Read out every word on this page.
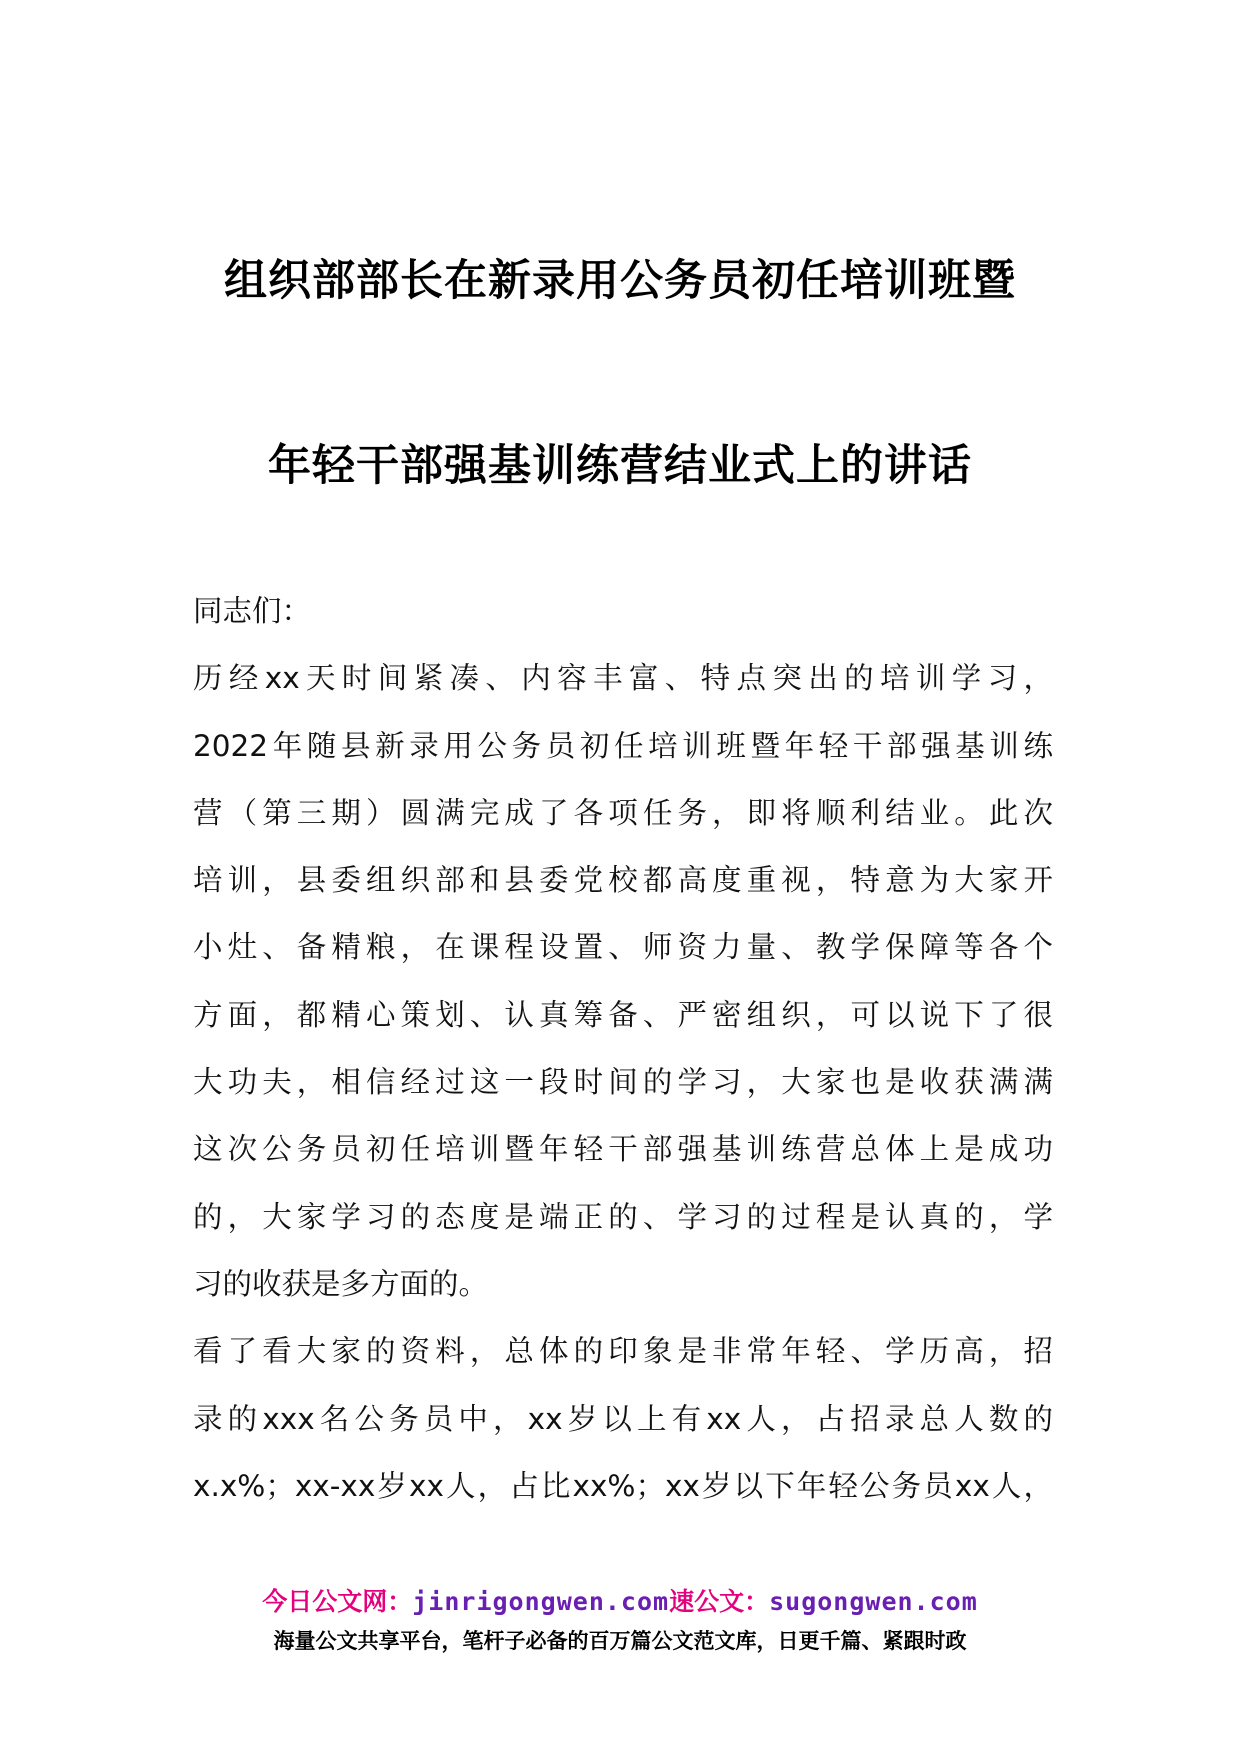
组织部部长在新录用公务员初任培训班暨
年轻干部强基训练营结业式上的讲话
同志们：
历经xx天时间紧凑、内容丰富、特点突出的培训学习，
2022年随县新录用公务员初任培训班暨年轻干部强基训练
营（第三期）圆满完成了各项任务，即将顺利结业。此次
培训，县委组织部和县委党校都高度重视，特意为大家开
小灶、备精粮，在课程设置、师资力量、教学保障等各个
方面，都精心策划、认真筹备、严密组织，可以说下了很
大功夫，相信经过这一段时间的学习，大家也是收获满满
这次公务员初任培训暨年轻干部强基训练营总体上是成功
的，大家学习的态度是端正的、学习的过程是认真的，学
习的收获是多方面的。
看了看大家的资料，总体的印象是非常年轻、学历高，招
录的xxx名公务员中，xx岁以上有xx人，占招录总人数的
x.x%；xx-xx岁xx人，占比xx%；xx岁以下年轻公务员xx人，
今日公文网：jinrigongwen.com速公文：sugongwen.com
海量公文共享平台，笔杆子必备的百万篇公文范文库，日更千篇、紧跟时政
